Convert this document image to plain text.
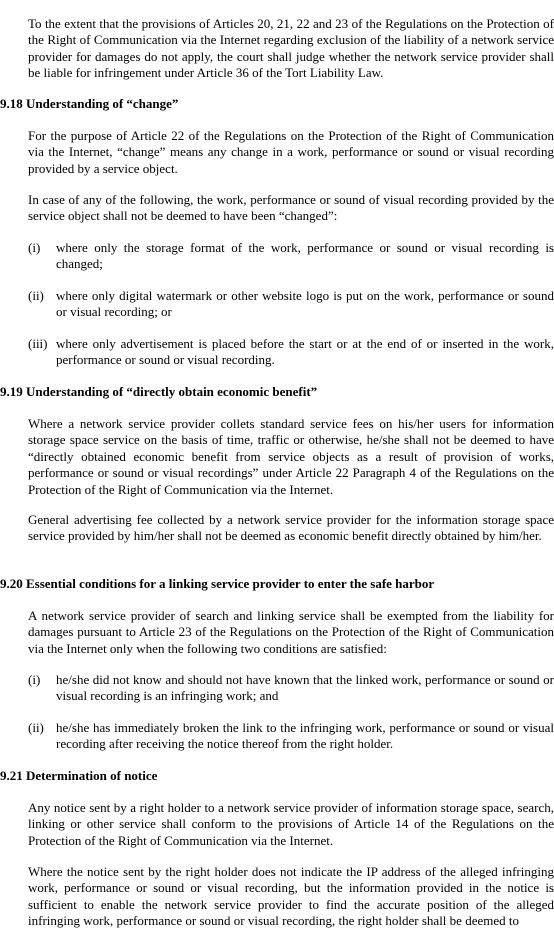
To the extent that the provisions of Articles 20, 21, 22 and 23 of the Regulations on the Protection of the Right of Communication via the Internet regarding exclusion of the liability of a network service provider for damages do not apply, the court shall judge whether the network service provider shall be liable for infringement under Article 36 of the Tort Liability Law.

9.18 Understanding of “change”

For the purpose of Article 22 of the Regulations on the Protection of the Right of Communication via the Internet, “change” means any change in a work, performance or sound or visual recording provided by a service object.

In case of any of the following, the work, performance or sound of visual recording provided by the service object shall not be deemed to have been “changed”:

(i) where only the storage format of the work, performance or sound or visual recording is changed;

(ii) where only digital watermark or other website logo is put on the work, performance or sound or visual recording; or

(iii) where only advertisement is placed before the start or at the end of or inserted in the work, performance or sound or visual recording.

9.19 Understanding of “directly obtain economic benefit”

Where a network service provider collets standard service fees on his/her users for information storage space service on the basis of time, traffic or otherwise, he/she shall not be deemed to have “directly obtained economic benefit from service objects as a result of provision of works, performance or sound or visual recordings” under Article 22 Paragraph 4 of the Regulations on the Protection of the Right of Communication via the Internet.

General advertising fee collected by a network service provider for the information storage space service provided by him/her shall not be deemed as economic benefit directly obtained by him/her.

9.20 Essential conditions for a linking service provider to enter the safe harbor

A network service provider of search and linking service shall be exempted from the liability for damages pursuant to Article 23 of the Regulations on the Protection of the Right of Communication via the Internet only when the following two conditions are satisfied:

(i) he/she did not know and should not have known that the linked work, performance or sound or visual recording is an infringing work; and

(ii) he/she has immediately broken the link to the infringing work, performance or sound or visual recording after receiving the notice thereof from the right holder.

9.21 Determination of notice

Any notice sent by a right holder to a network service provider of information storage space, search, linking or other service shall conform to the provisions of Article 14 of the Regulations on the Protection of the Right of Communication via the Internet.

Where the notice sent by the right holder does not indicate the IP address of the alleged infringing work, performance or sound or visual recording, but the information provided in the notice is sufficient to enable the network service provider to find the accurate position of the alleged infringing work, performance or sound or visual recording, the right holder shall be deemed to
